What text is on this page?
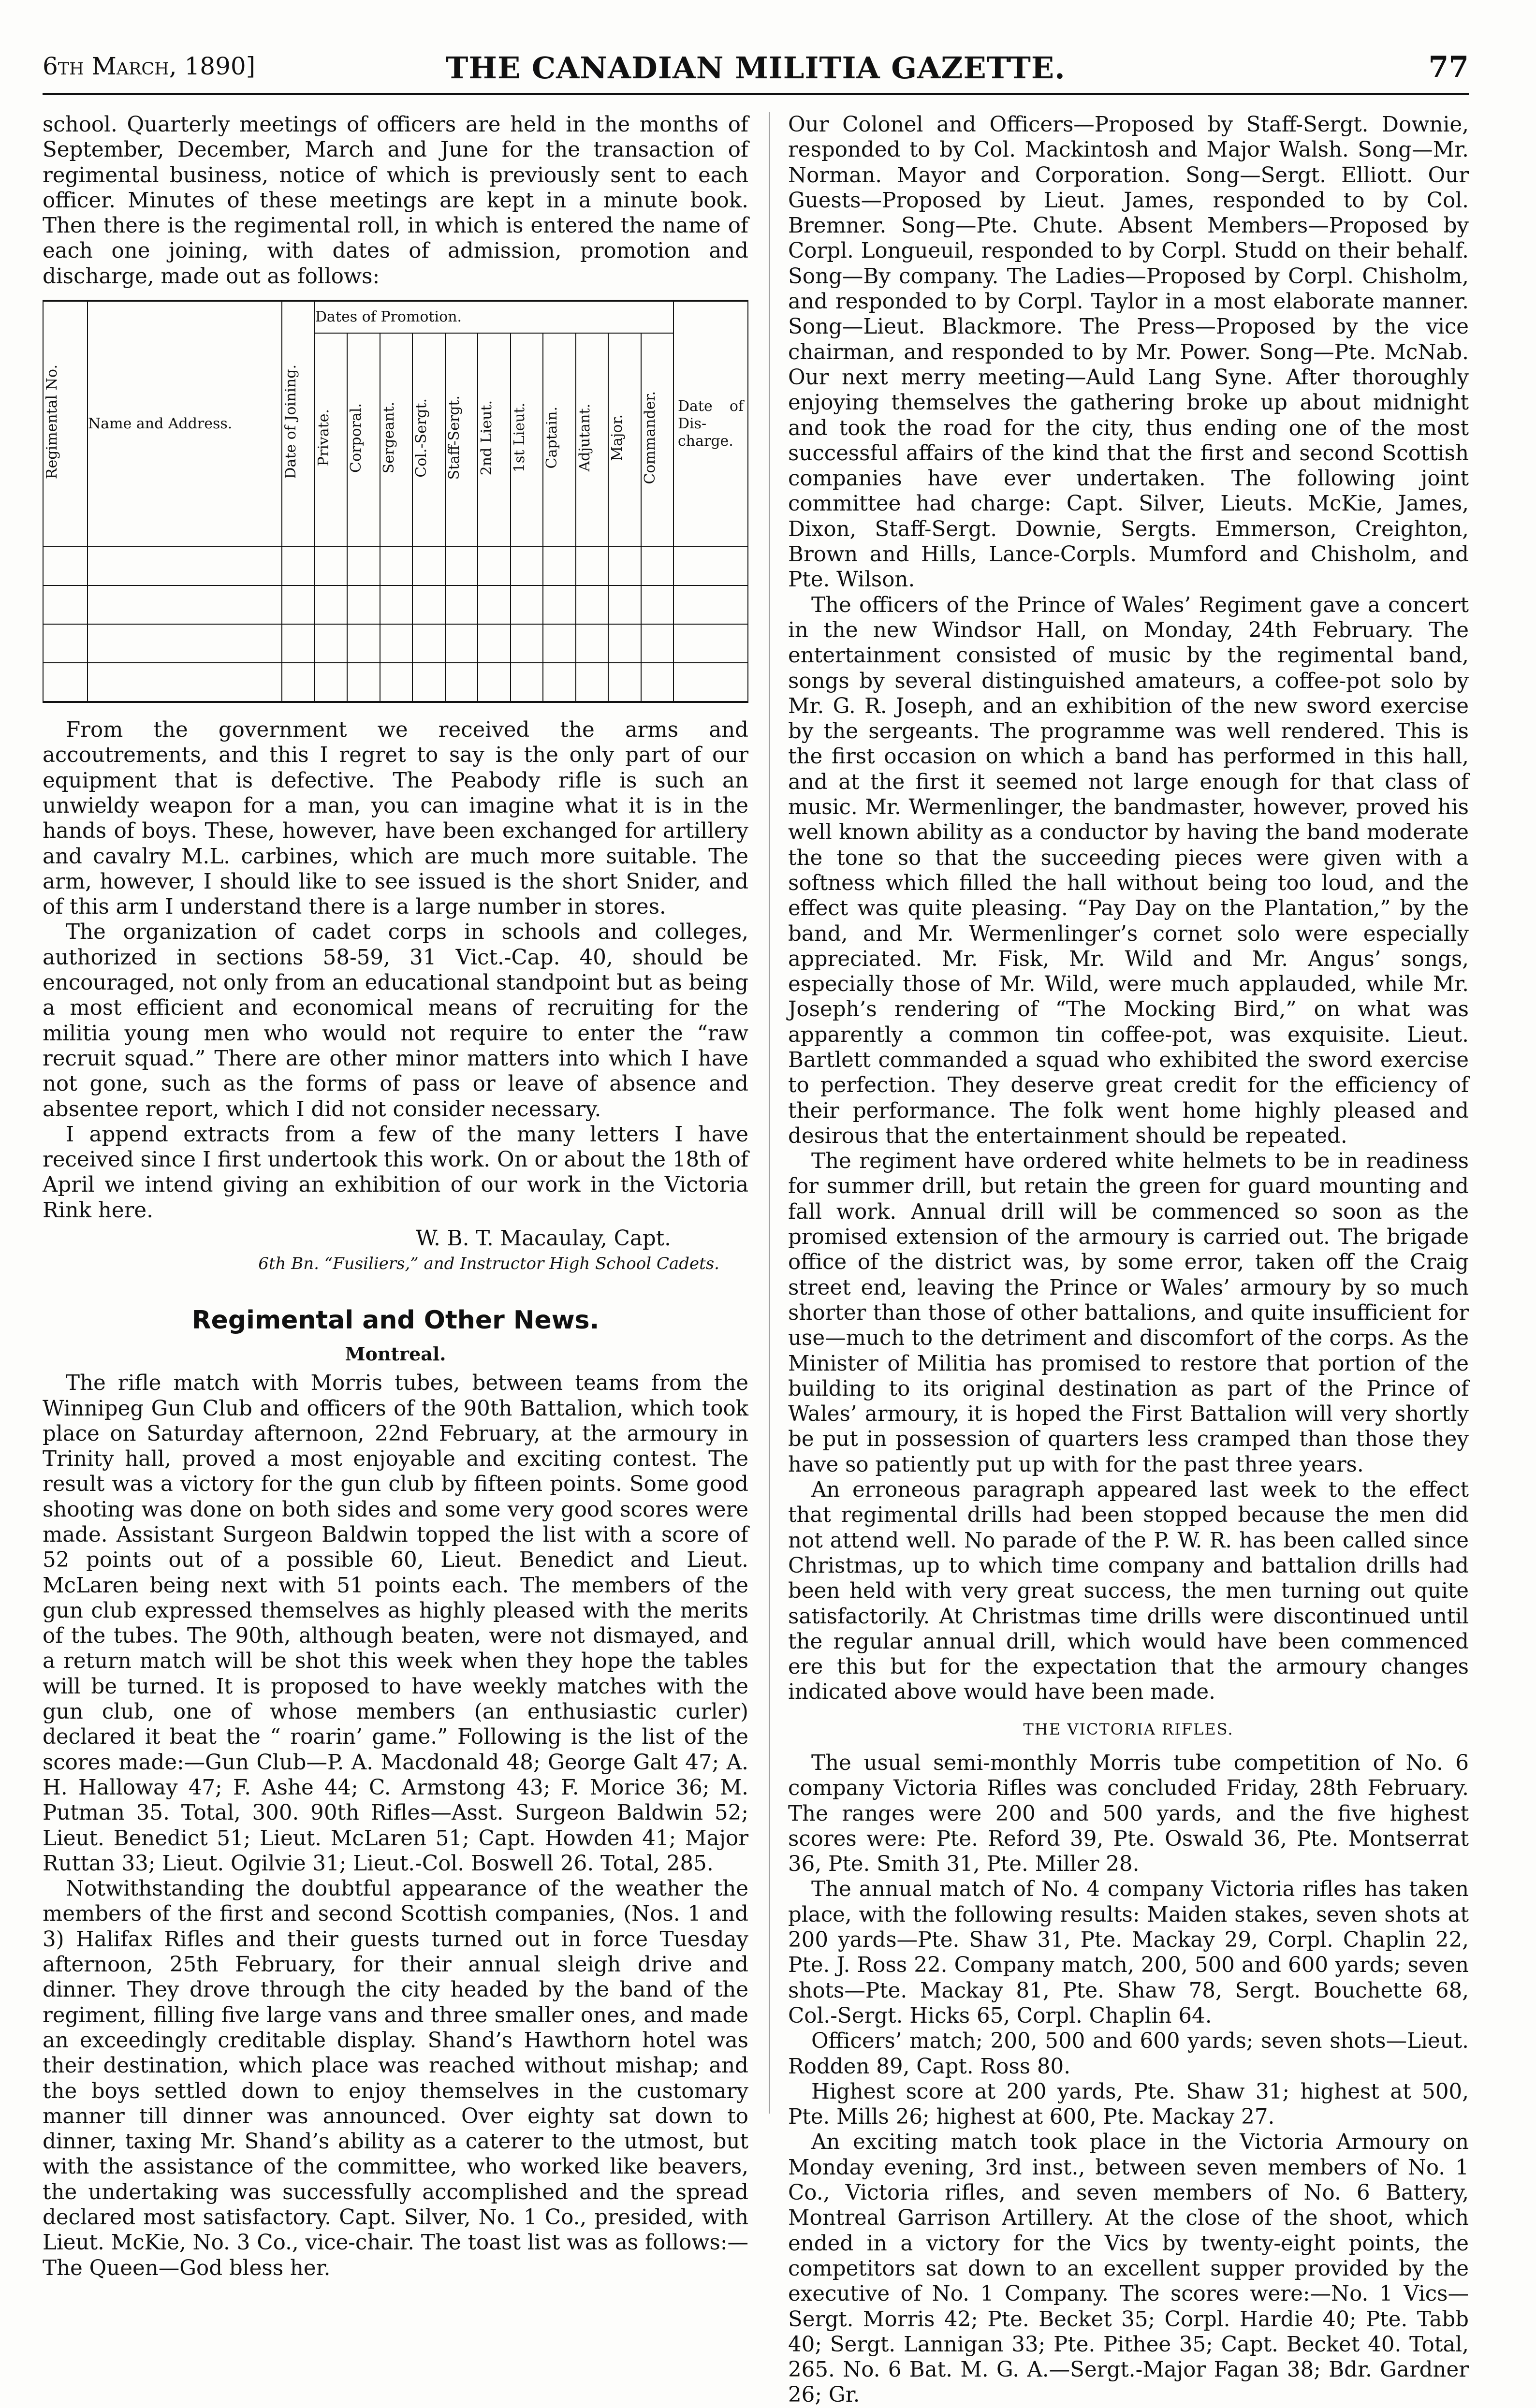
6th March, 1890]	THE CANADIAN MILITIA GAZETTE.	77

school. Quarterly meetings of officers are held in the months of September, December, March and June for the transaction of regimental business, notice of which is previously sent to each officer. Minutes of these meetings are kept in a minute book. Then there is the regimental roll, in which is entered the name of each one joining, with dates of admission, promotion and discharge, made out as follows:

Regimental No.	Name and Address.	Date of Joining.	Dates of Promotion.											Date of Dis-charge.
			Private.	Corporal.	Sergeant.	Col.-Sergt.	Staff-Sergt.	2nd Lieut.	1st Lieut.	Captain.	Adjutant.	Major.	Commander.	

From the government we received the arms and accoutrements, and this I regret to say is the only part of our equipment that is defective. The Peabody rifle is such an unwieldy weapon for a man, you can imagine what it is in the hands of boys. These, however, have been exchanged for artillery and cavalry M.L. carbines, which are much more suitable. The arm, however, I should like to see issued is the short Snider, and of this arm I understand there is a large number in stores.

The organization of cadet corps in schools and colleges, authorized in sections 58-59, 31 Vict.-Cap. 40, should be encouraged, not only from an educational standpoint but as being a most efficient and economical means of recruiting for the militia young men who would not require to enter the “raw recruit squad.” There are other minor matters into which I have not gone, such as the forms of pass or leave of absence and absentee report, which I did not consider necessary.

I append extracts from a few of the many letters I have received since I first undertook this work. On or about the 18th of April we intend giving an exhibition of our work in the Victoria Rink here.

W. B. T. Macaulay, Capt.
6th Bn. “Fusiliers,” and Instructor High School Cadets.
Regimental and Other News.
Montreal.

The rifle match with Morris tubes, between teams from the Winnipeg Gun Club and officers of the 90th Battalion, which took place on Saturday afternoon, 22nd February, at the armoury in Trinity hall, proved a most enjoyable and exciting contest. The result was a victory for the gun club by fifteen points. Some good shooting was done on both sides and some very good scores were made. Assistant Surgeon Baldwin topped the list with a score of 52 points out of a possible 60, Lieut. Benedict and Lieut. McLaren being next with 51 points each. The members of the gun club expressed themselves as highly pleased with the merits of the tubes. The 90th, although beaten, were not dismayed, and a return match will be shot this week when they hope the tables will be turned. It is proposed to have weekly matches with the gun club, one of whose members (an enthusiastic curler) declared it beat the “ roarin’ game.” Following is the list of the scores made:—Gun Club—P. A. Macdonald 48; George Galt 47; A. H. Halloway 47; F. Ashe 44; C. Armstong 43; F. Morice 36; M. Putman 35. Total, 300. 90th Rifles—Asst. Surgeon Baldwin 52; Lieut. Benedict 51; Lieut. McLaren 51; Capt. Howden 41; Major Ruttan 33; Lieut. Ogilvie 31; Lieut.-Col. Boswell 26. Total, 285.

Notwithstanding the doubtful appearance of the weather the members of the first and second Scottish companies, (Nos. 1 and 3) Halifax Rifles and their guests turned out in force Tuesday afternoon, 25th February, for their annual sleigh drive and dinner. They drove through the city headed by the band of the regiment, filling five large vans and three smaller ones, and made an exceedingly creditable display. Shand’s Hawthorn hotel was their destination, which place was reached without mishap; and the boys settled down to enjoy themselves in the customary manner till dinner was announced. Over eighty sat down to dinner, taxing Mr. Shand’s ability as a caterer to the utmost, but with the assistance of the committee, who worked like beavers, the undertaking was successfully accomplished and the spread declared most satisfactory. Capt. Silver, No. 1 Co., presided, with Lieut. McKie, No. 3 Co., vice-chair. The toast list was as follows:—The Queen—God bless her.

Our Colonel and Officers—Proposed by Staff-Sergt. Downie, responded to by Col. Mackintosh and Major Walsh. Song—Mr. Norman. Mayor and Corporation. Song—Sergt. Elliott. Our Guests—Proposed by Lieut. James, responded to by Col. Bremner. Song—Pte. Chute. Absent Members—Proposed by Corpl. Longueuil, responded to by Corpl. Studd on their behalf. Song—By company. The Ladies—Proposed by Corpl. Chisholm, and responded to by Corpl. Taylor in a most elaborate manner. Song—Lieut. Blackmore. The Press—Proposed by the vice chairman, and responded to by Mr. Power. Song—Pte. McNab. Our next merry meeting—Auld Lang Syne. After thoroughly enjoying themselves the gathering broke up about midnight and took the road for the city, thus ending one of the most successful affairs of the kind that the first and second Scottish companies have ever undertaken. The following joint committee had charge: Capt. Silver, Lieuts. McKie, James, Dixon, Staff-Sergt. Downie, Sergts. Emmerson, Creighton, Brown and Hills, Lance-Corpls. Mumford and Chisholm, and Pte. Wilson.

The officers of the Prince of Wales’ Regiment gave a concert in the new Windsor Hall, on Monday, 24th February. The entertainment consisted of music by the regimental band, songs by several distinguished amateurs, a coffee-pot solo by Mr. G. R. Joseph, and an exhibition of the new sword exercise by the sergeants. The programme was well rendered. This is the first occasion on which a band has performed in this hall, and at the first it seemed not large enough for that class of music. Mr. Wermenlinger, the bandmaster, however, proved his well known ability as a conductor by having the band moderate the tone so that the succeeding pieces were given with a softness which filled the hall without being too loud, and the effect was quite pleasing. “Pay Day on the Plantation,” by the band, and Mr. Wermenlinger’s cornet solo were especially appreciated. Mr. Fisk, Mr. Wild and Mr. Angus’ songs, especially those of Mr. Wild, were much applauded, while Mr. Joseph’s rendering of “The Mocking Bird,” on what was apparently a common tin coffee-pot, was exquisite. Lieut. Bartlett commanded a squad who exhibited the sword exercise to perfection. They deserve great credit for the efficiency of their performance. The folk went home highly pleased and desirous that the entertainment should be repeated.

The regiment have ordered white helmets to be in readiness for summer drill, but retain the green for guard mounting and fall work. Annual drill will be commenced so soon as the promised extension of the armoury is carried out. The brigade office of the district was, by some error, taken off the Craig street end, leaving the Prince or Wales’ armoury by so much shorter than those of other battalions, and quite insufficient for use—much to the detriment and discomfort of the corps. As the Minister of Militia has promised to restore that portion of the building to its original destination as part of the Prince of Wales’ armoury, it is hoped the First Battalion will very shortly be put in possession of quarters less cramped than those they have so patiently put up with for the past three years.

An erroneous paragraph appeared last week to the effect that regimental drills had been stopped because the men did not attend well. No parade of the P. W. R. has been called since Christmas, up to which time company and battalion drills had been held with very great success, the men turning out quite satisfactorily. At Christmas time drills were discontinued until the regular annual drill, which would have been commenced ere this but for the expectation that the armoury changes indicated above would have been made.

THE VICTORIA RIFLES.

The usual semi-monthly Morris tube competition of No. 6 company Victoria Rifles was concluded Friday, 28th February. The ranges were 200 and 500 yards, and the five highest scores were: Pte. Reford 39, Pte. Oswald 36, Pte. Montserrat 36, Pte. Smith 31, Pte. Miller 28.

The annual match of No. 4 company Victoria rifles has taken place, with the following results: Maiden stakes, seven shots at 200 yards—Pte. Shaw 31, Pte. Mackay 29, Corpl. Chaplin 22, Pte. J. Ross 22. Company match, 200, 500 and 600 yards; seven shots—Pte. Mackay 81, Pte. Shaw 78, Sergt. Bouchette 68, Col.-Sergt. Hicks 65, Corpl. Chaplin 64.

Officers’ match; 200, 500 and 600 yards; seven shots—Lieut. Rodden 89, Capt. Ross 80.

Highest score at 200 yards, Pte. Shaw 31; highest at 500, Pte. Mills 26; highest at 600, Pte. Mackay 27.

An exciting match took place in the Victoria Armoury on Monday evening, 3rd inst., between seven members of No. 1 Co., Victoria rifles, and seven members of No. 6 Battery, Montreal Garrison Artillery. At the close of the shoot, which ended in a victory for the Vics by twenty-eight points, the competitors sat down to an excellent supper provided by the executive of No. 1 Company. The scores were:—No. 1 Vics—Sergt. Morris 42; Pte. Becket 35; Corpl. Hardie 40; Pte. Tabb 40; Sergt. Lannigan 33; Pte. Pithee 35; Capt. Becket 40. Total, 265. No. 6 Bat. M. G. A.—Sergt.-Major Fagan 38; Bdr. Gardner 26; Gr.
